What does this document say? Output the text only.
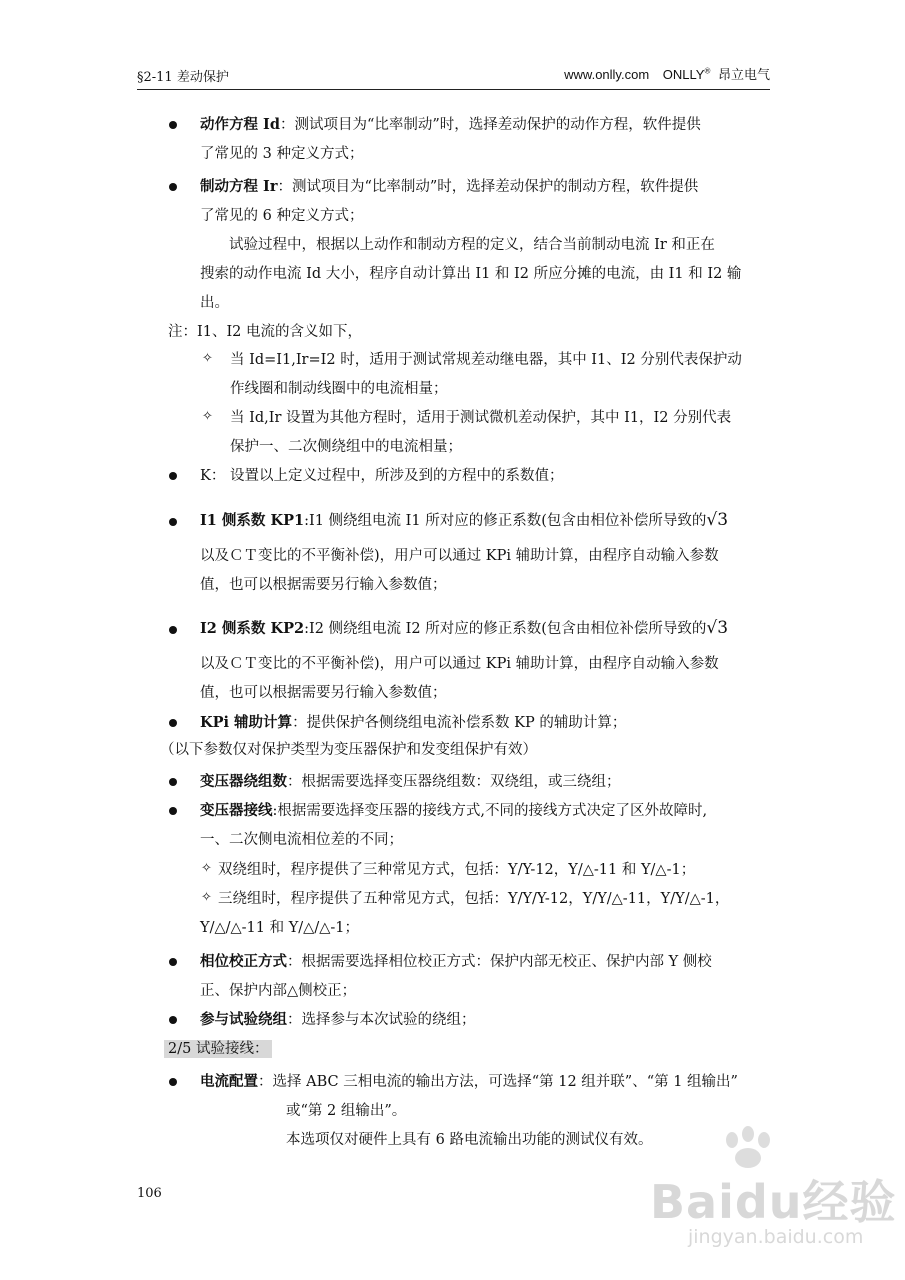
§2-11 差动保护	www.onlly.com ONLLY® 昂立电气
动作方程 Id：测试项目为“比率制动”时，选择差动保护的动作方程，软件提供
了常见的 3 种定义方式；
制动方程 Ir：测试项目为“比率制动”时，选择差动保护的制动方程，软件提供
了常见的 6 种定义方式；
试验过程中，根据以上动作和制动方程的定义，结合当前制动电流 Ir 和正在
搜索的动作电流 Id 大小，程序自动计算出 I1 和 I2 所应分摊的电流，由 I1 和 I2 输
出。
注：I1、I2 电流的含义如下，
✧ 当 Id=I1,Ir=I2 时，适用于测试常规差动继电器，其中 I1、I2 分别代表保护动
作线圈和制动线圈中的电流相量；
✧ 当 Id,Ir 设置为其他方程时，适用于测试微机差动保护，其中 I1，I2 分别代表
保护一、二次侧绕组中的电流相量；
K： 设置以上定义过程中，所涉及到的方程中的系数值；
I1 侧系数 KP1:I1 侧绕组电流 I1 所对应的修正系数(包含由相位补偿所导致的√3
以及ＣＴ变比的不平衡补偿)，用户可以通过 KPi 辅助计算，由程序自动输入参数
值，也可以根据需要另行输入参数值；
I2 侧系数 KP2:I2 侧绕组电流 I2 所对应的修正系数(包含由相位补偿所导致的√3
以及ＣＴ变比的不平衡补偿)，用户可以通过 KPi 辅助计算，由程序自动输入参数
值，也可以根据需要另行输入参数值；
KPi 辅助计算：提供保护各侧绕组电流补偿系数 KP 的辅助计算；
（以下参数仅对保护类型为变压器保护和发变组保护有效）
变压器绕组数：根据需要选择变压器绕组数：双绕组，或三绕组；
变压器接线:根据需要选择变压器的接线方式,不同的接线方式决定了区外故障时,
一、二次侧电流相位差的不同；
✧ 双绕组时，程序提供了三种常见方式，包括：Y/Y-12，Y/△-11 和 Y/△-1；
✧ 三绕组时，程序提供了五种常见方式，包括：Y/Y/Y-12，Y/Y/△-11，Y/Y/△-1，
Y/△/△-11 和 Y/△/△-1；
相位校正方式：根据需要选择相位校正方式：保护内部无校正、保护内部 Y 侧校
正、保护内部△侧校正；
参与试验绕组：选择参与本次试验的绕组；
2/5 试验接线：
电流配置：选择 ABC 三相电流的输出方法，可选择“第 12 组并联”、“第 1 组输出”
或“第 2 组输出”。
本选项仅对硬件上具有 6 路电流输出功能的测试仪有效。
106	Baidu经验
jingyan.baidu.com
